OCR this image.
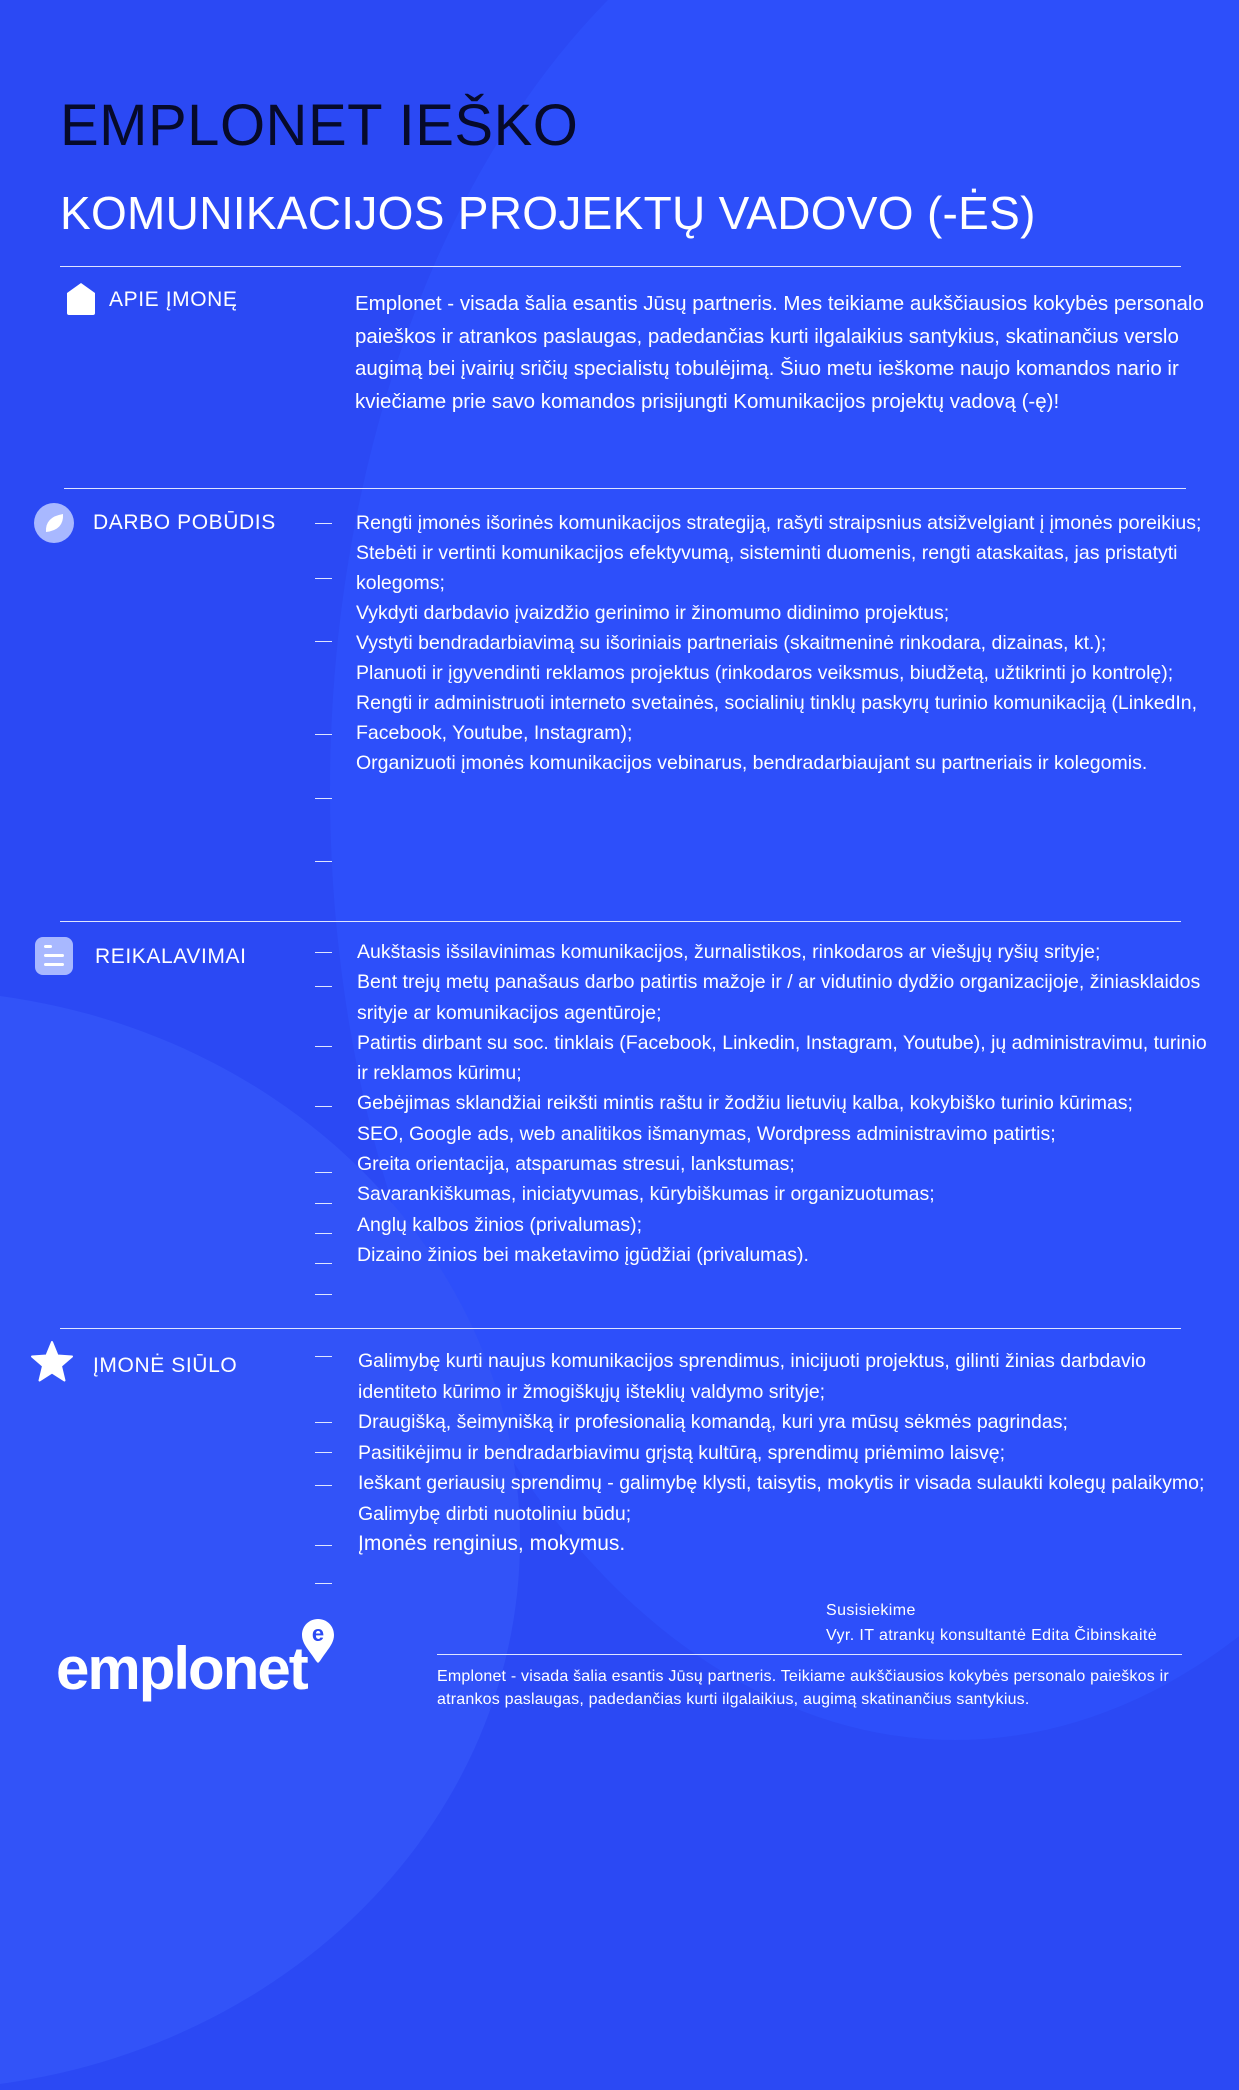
EMPLONET IEŠKO
KOMUNIKACIJOS PROJEKTŲ VADOVO (-ĖS)
APIE ĮMONĘ	Emplonet - visada šalia esantis Jūsų partneris. Mes teikiame aukščiausios kokybės personalo paieškos ir atrankos paslaugas, padedančias kurti ilgalaikius santykius, skatinančius verslo augimą bei įvairių sričių specialistų tobulėjimą. Šiuo metu ieškome naujo komandos nario ir kviečiame prie savo komandos prisijungti Komunikacijos projektų vadovą (-ę)!
DARBO POBŪDIS	Rengti įmonės išorinės komunikacijos strategiją, rašyti straipsnius atsižvelgiant į įmonės poreikius;
Stebėti ir vertinti komunikacijos efektyvumą, sisteminti duomenis, rengti ataskaitas, jas pristatyti kolegoms;
Vykdyti darbdavio įvaizdžio gerinimo ir žinomumo didinimo projektus;
Vystyti bendradarbiavimą su išoriniais partneriais (skaitmeninė rinkodara, dizainas, kt.);
Planuoti ir įgyvendinti reklamos projektus (rinkodaros veiksmus, biudžetą, užtikrinti jo kontrolę);
Rengti ir administruoti interneto svetainės, socialinių tinklų paskyrų turinio komunikaciją (LinkedIn, Facebook, Youtube, Instagram);
Organizuoti įmonės komunikacijos vebinarus, bendradarbiaujant su partneriais ir kolegomis.
REIKALAVIMAI	Aukštasis išsilavinimas komunikacijos, žurnalistikos, rinkodaros ar viešųjų ryšių srityje;
Bent trejų metų panašaus darbo patirtis mažoje ir / ar vidutinio dydžio organizacijoje, žiniasklaidos srityje ar komunikacijos agentūroje;
Patirtis dirbant su soc. tinklais (Facebook, Linkedin, Instagram, Youtube), jų administravimu, turinio ir reklamos kūrimu;
Gebėjimas sklandžiai reikšti mintis raštu ir žodžiu lietuvių kalba, kokybiško turinio kūrimas;
SEO, Google ads, web analitikos išmanymas, Wordpress administravimo patirtis;
Greita orientacija, atsparumas stresui, lankstumas;
Savarankiškumas, iniciatyvumas, kūrybiškumas ir organizuotumas;
Anglų kalbos žinios (privalumas);
Dizaino žinios bei maketavimo įgūdžiai (privalumas).
ĮMONĖ SIŪLO	Galimybę kurti naujus komunikacijos sprendimus, inicijuoti projektus, gilinti žinias darbdavio identiteto kūrimo ir žmogiškųjų išteklių valdymo srityje;
Draugišką, šeimynišką ir profesionalią komandą, kuri yra mūsų sėkmės pagrindas;
Pasitikėjimu ir bendradarbiavimu grįstą kultūrą, sprendimų priėmimo laisvę;
Ieškant geriausių sprendimų - galimybę klysti, taisytis, mokytis ir visada sulaukti kolegų palaikymo;
Galimybę dirbti nuotoliniu būdu;
Įmonės renginius, mokymus.
Susisiekime
Vyr. IT atrankų konsultantė Edita Čibinskaitė
Emplonet - visada šalia esantis Jūsų partneris. Teikiame aukščiausios kokybės personalo paieškos ir atrankos paslaugas, padedančias kurti ilgalaikius, augimą skatinančius santykius.
emplonet
e
